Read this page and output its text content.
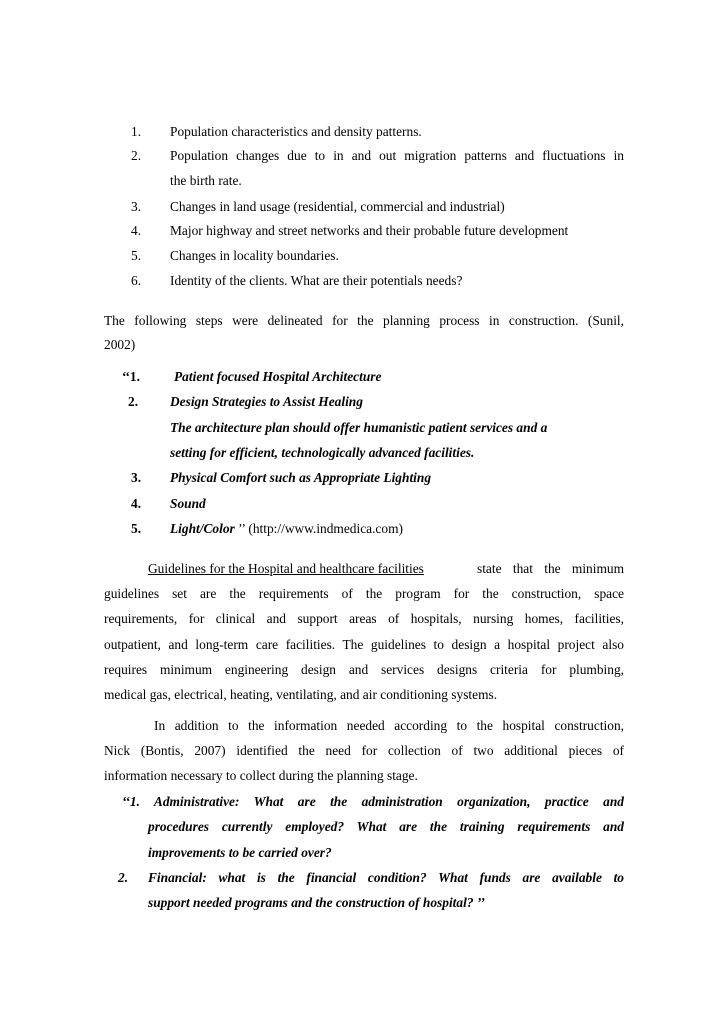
1. Population characteristics and density patterns.
2. Population changes due to in and out migration patterns and fluctuations in
the birth rate.
3. Changes in land usage (residential, commercial and industrial)
4. Major highway and street networks and their probable future development
5. Changes in locality boundaries.
6. Identity of the clients. What are their potentials needs?
The following steps were delineated for the planning process in construction. (Sunil,
2002)
‘‘1.	Patient focused Hospital Architecture
2. Design Strategies to Assist Healing
The architecture plan should offer humanistic patient services and a
setting for efficient, technologically advanced facilities.
3. Physical Comfort such as Appropriate Lighting
4. Sound
5. Light/Color ’’ (http://www.indmedica.com)
Guidelines for the Hospital and healthcare facilities	state that the minimum
guidelines set are the requirements of the program for the construction, space
requirements, for clinical and support areas of hospitals, nursing homes, facilities,
outpatient, and long-term care facilities. The guidelines to design a hospital project also
requires minimum engineering design and services designs criteria for plumbing,
medical gas, electrical, heating, ventilating, and air conditioning systems.
In addition to the information needed according to the hospital construction,
Nick (Bontis, 2007) identified the need for collection of two additional pieces of
information necessary to collect during the planning stage.
‘‘1. Administrative: What are the administration organization, practice and
procedures currently employed? What are the training requirements and
improvements to be carried over?
2. Financial: what is the financial condition? What funds are available to
support needed programs and the construction of hospital? ’’
